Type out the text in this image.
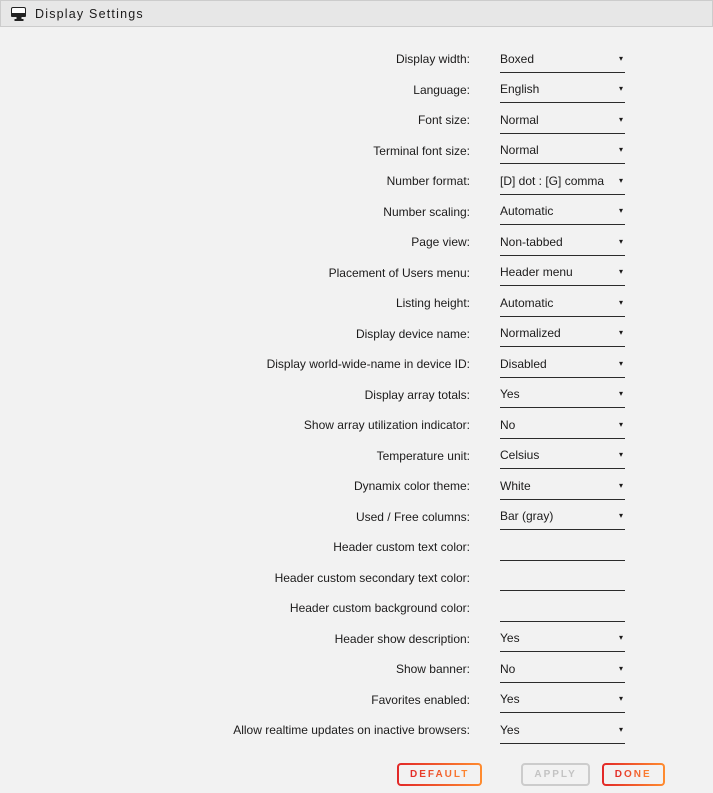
Display Settings
Display width:	Boxed	▾
Language:	English	▾
Font size:	Normal	▾
Terminal font size:	Normal	▾
Number format:	[D] dot : [G] comma ▾
Number scaling:	Automatic	▾
Page view:	Non-tabbed	▾
Placement of Users menu:	Header menu	▾
Listing height:	Automatic	▾
Display device name:	Normalized	▾
Display world-wide-name in device ID:	Disabled	▾
Display array totals:	Yes	▾
Show array utilization indicator:	No	▾
Temperature unit:	Celsius	▾
Dynamix color theme:	White	▾
Used / Free columns:	Bar (gray)	▾
Header custom text color:
Header custom secondary text color:
Header custom background color:
Header show description:	Yes	▾
Show banner:	No	▾
Favorites enabled:	Yes	▾
Allow realtime updates on inactive browsers:	Yes	▾
DEFAULT	APPLY	DONE
